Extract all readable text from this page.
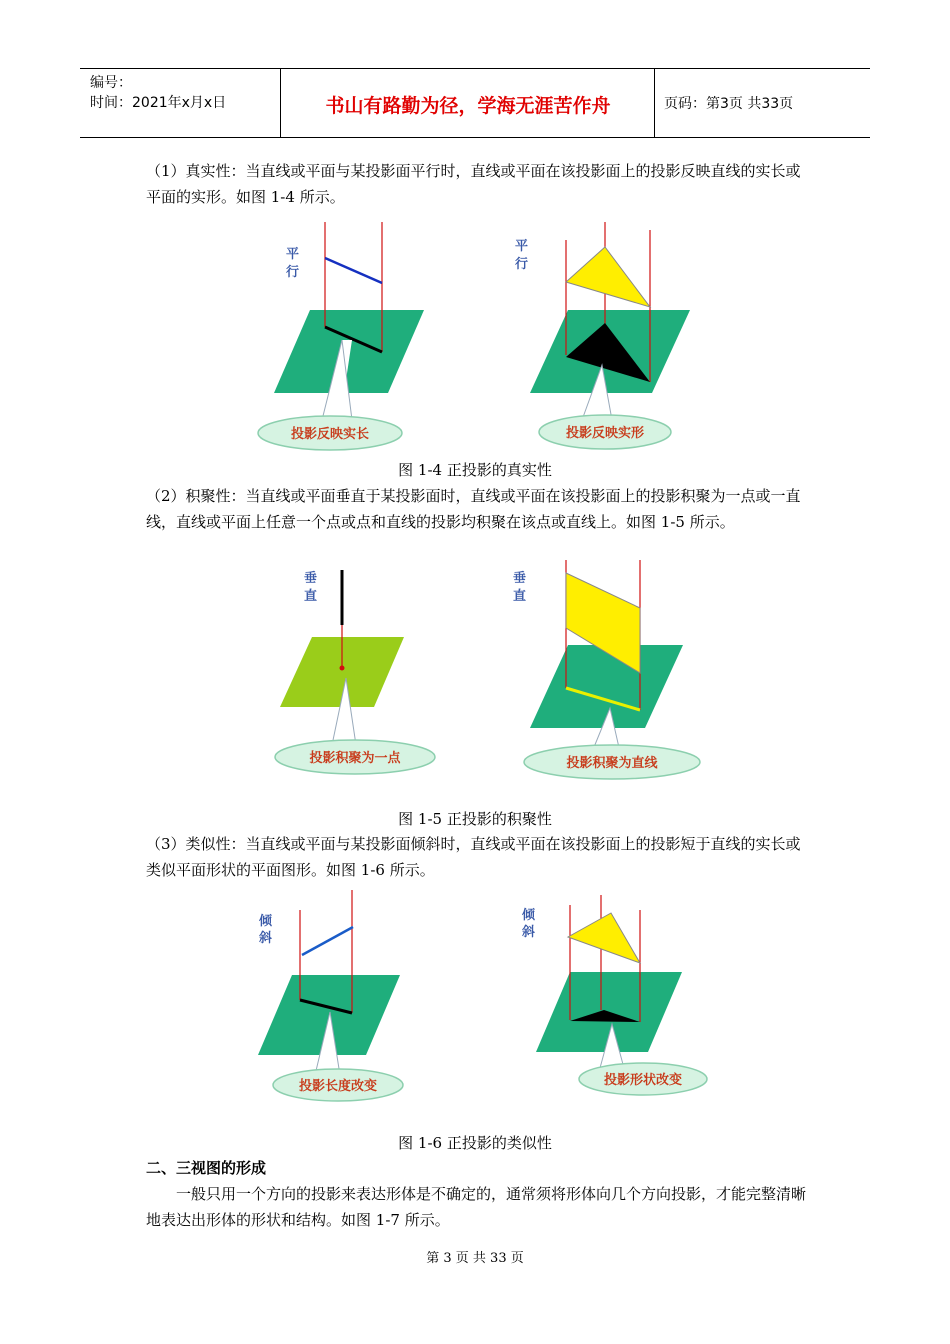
编号：
时间：2021年x月x日	书山有路勤为径，学海无涯苦作舟	页码：第3页 共33页
（1）真实性：当直线或平面与某投影面平行时，直线或平面在该投影面上的投影反映直线的实长或平面的实形。如图 1-4 所示。
平
行
平
行
投影反映实长	投影反映实形
图 1-4 正投影的真实性
（2）积聚性：当直线或平面垂直于某投影面时，直线或平面在该投影面上的投影积聚为一点或一直线，直线或平面上任意一个点或点和直线的投影均积聚在该点或直线上。如图 1-5 所示。
垂
直
垂
直
投影积聚为一点	投影积聚为直线
图 1-5 正投影的积聚性
（3）类似性：当直线或平面与某投影面倾斜时，直线或平面在该投影面上的投影短于直线的实长或类似平面形状的平面图形。如图 1-6 所示。
倾
斜
倾
斜
投影长度改变	投影形状改变
图 1-6 正投影的类似性
二、三视图的形成
一般只用一个方向的投影来表达形体是不确定的，通常须将形体向几个方向投影，才能完整清晰地表达出形体的形状和结构。如图 1-7 所示。
第 3 页 共 33 页
